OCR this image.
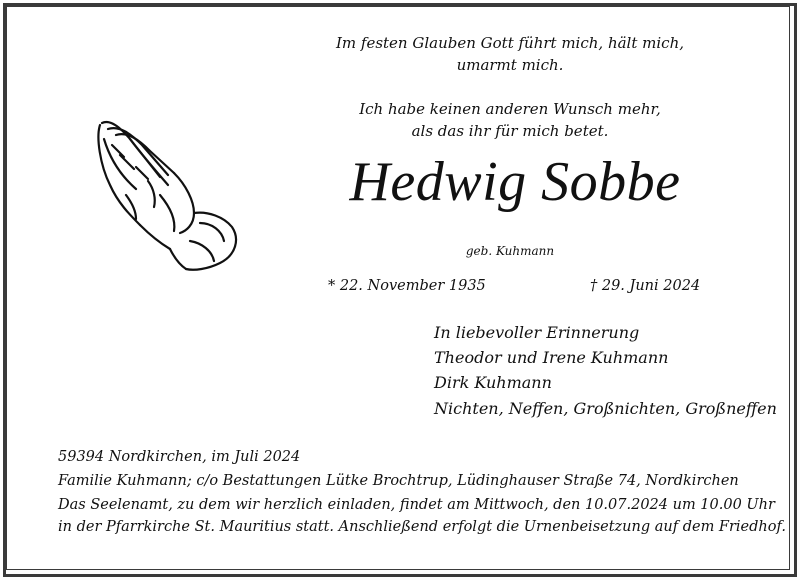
Im festen Glauben Gott führt mich, hält mich,
umarmt mich.
Ich habe keinen anderen Wunsch mehr,
als das ihr für mich betet.
Hedwig Sobbe
geb. Kuhmann
* 22. November 1935	† 29. Juni 2024
In liebevoller Erinnerung
Theodor und Irene Kuhmann
Dirk Kuhmann
Nichten, Neffen, Großnichten, Großneffen
59394 Nordkirchen, im Juli 2024
Familie Kuhmann; c/o Bestattungen Lütke Brochtrup, Lüdinghauser Straße 74, Nordkirchen
Das Seelenamt, zu dem wir herzlich einladen, findet am Mittwoch, den 10.07.2024 um 10.00 Uhr
in der Pfarrkirche St. Mauritius statt. Anschließend erfolgt die Urnenbeisetzung auf dem Friedhof.
